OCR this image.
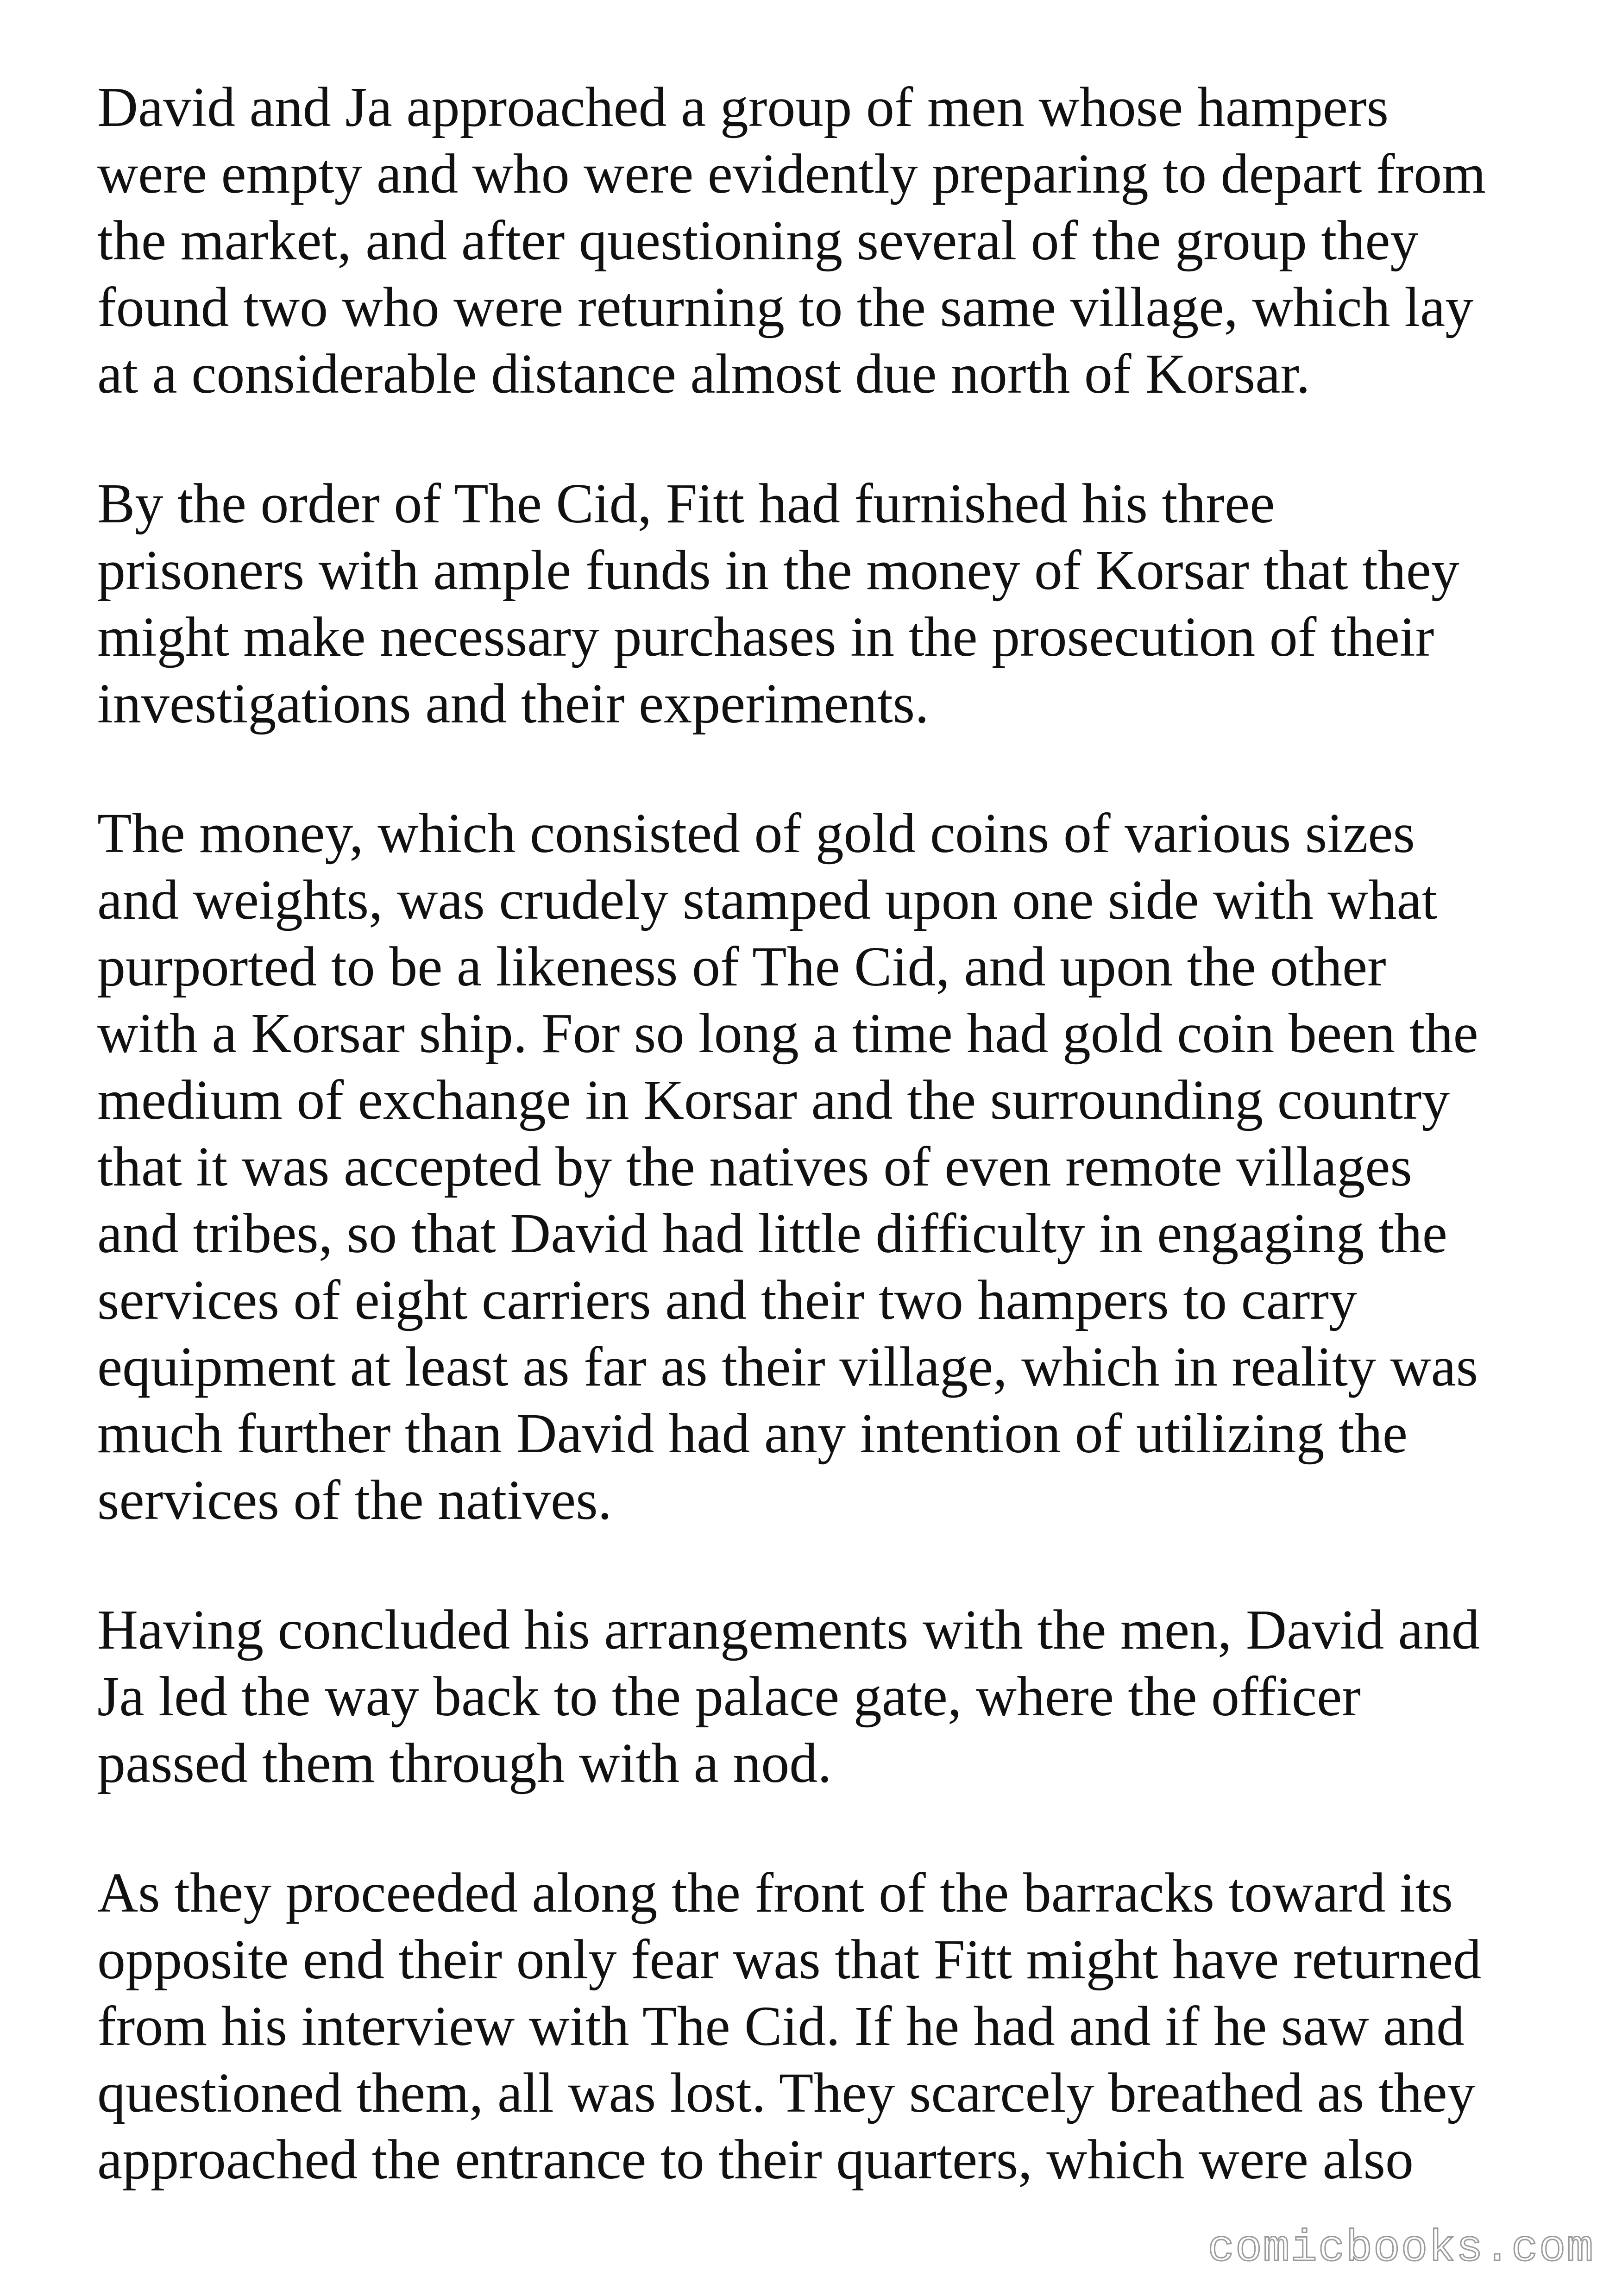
David and Ja approached a group of men whose hampers
were empty and who were evidently preparing to depart from
the market, and after questioning several of the group they
found two who were returning to the same village, which lay
at a considerable distance almost due north of Korsar.

By the order of The Cid, Fitt had furnished his three
prisoners with ample funds in the money of Korsar that they
might make necessary purchases in the prosecution of their
investigations and their experiments.

The money, which consisted of gold coins of various sizes
and weights, was crudely stamped upon one side with what
purported to be a likeness of The Cid, and upon the other
with a Korsar ship. For so long a time had gold coin been the
medium of exchange in Korsar and the surrounding country
that it was accepted by the natives of even remote villages
and tribes, so that David had little difficulty in engaging the
services of eight carriers and their two hampers to carry
equipment at least as far as their village, which in reality was
much further than David had any intention of utilizing the
services of the natives.

Having concluded his arrangements with the men, David and
Ja led the way back to the palace gate, where the officer
passed them through with a nod.

As they proceeded along the front of the barracks toward its
opposite end their only fear was that Fitt might have returned
from his interview with The Cid. If he had and if he saw and
questioned them, all was lost. They scarcely breathed as they
approached the entrance to their quarters, which were also

comicbooks.com
